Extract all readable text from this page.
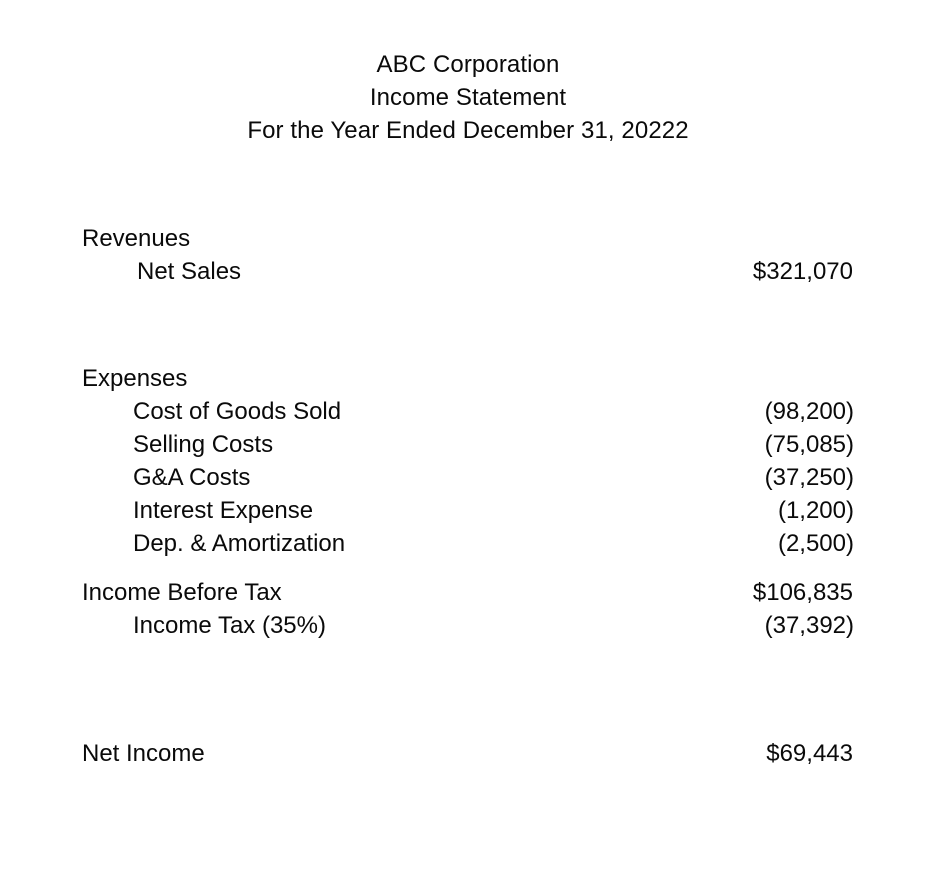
ABC Corporation
Income Statement
For the Year Ended December 31, 20222
Revenues
Net Sales	$321,070
Expenses
Cost of Goods Sold	(98,200)
Selling Costs	(75,085)
G&A Costs	(37,250)
Interest Expense	(1,200)
Dep. & Amortization	(2,500)
Income Before Tax	$106,835
Income Tax (35%)	(37,392)
Net Income	$69,443
